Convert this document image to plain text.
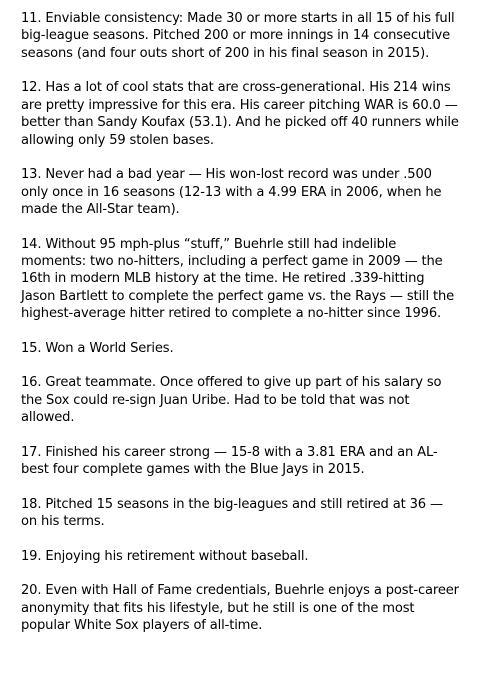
11. Enviable consistency: Made 30 or more starts in all 15 of his full big-league seasons. Pitched 200 or more innings in 14 consecutive seasons (and four outs short of 200 in his final season in 2015).

12. Has a lot of cool stats that are cross-generational. His 214 wins are pretty impressive for this era. His career pitching WAR is 60.0 — better than Sandy Koufax (53.1). And he picked off 40 runners while allowing only 59 stolen bases.

13. Never had a bad year — His won-lost record was under .500 only once in 16 seasons (12-13 with a 4.99 ERA in 2006, when he made the All-Star team).

14. Without 95 mph-plus “stuff,” Buehrle still had indelible moments: two no-hitters, including a perfect game in 2009 — the 16th in modern MLB history at the time. He retired .339-hitting Jason Bartlett to complete the perfect game vs. the Rays — still the highest-average hitter retired to complete a no-hitter since 1996.

15. Won a World Series.

16. Great teammate. Once offered to give up part of his salary so the Sox could re-sign Juan Uribe. Had to be told that was not allowed.

17. Finished his career strong — 15-8 with a 3.81 ERA and an AL-best four complete games with the Blue Jays in 2015.

18. Pitched 15 seasons in the big-leagues and still retired at 36 — on his terms.

19. Enjoying his retirement without baseball.

20. Even with Hall of Fame credentials, Buehrle enjoys a post-career anonymity that fits his lifestyle, but he still is one of the most popular White Sox players of all-time.
